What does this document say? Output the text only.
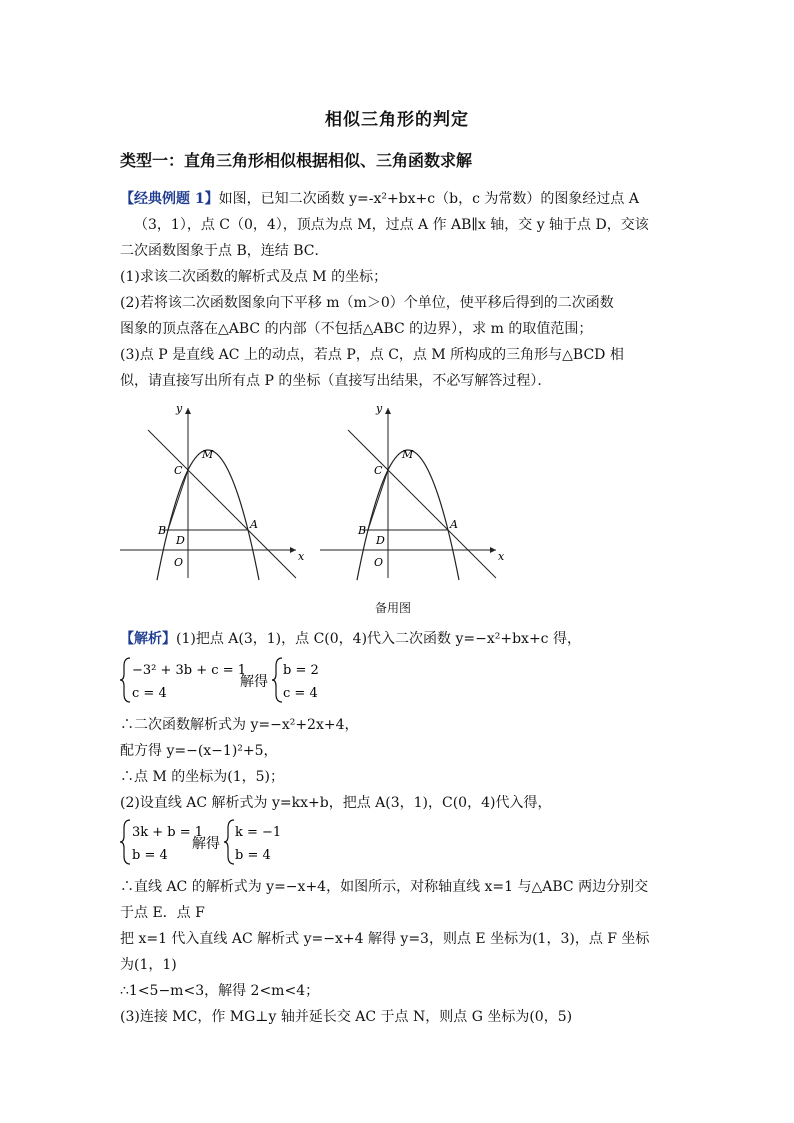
相似三角形的判定
类型一：直角三角形相似根据相似、三角函数求解
【经典例题 1】如图，已知二次函数 y=-x²+bx+c（b，c 为常数）的图象经过点 A
（3，1），点 C（0，4），顶点为点 M，过点 A 作 AB∥x 轴，交 y 轴于点 D，交该
二次函数图象于点 B，连结 BC．
(1)求该二次函数的解析式及点 M 的坐标；
(2)若将该二次函数图象向下平移 m（m＞0）个单位，使平移后得到的二次函数
图象的顶点落在△ABC 的内部（不包括△ABC 的边界），求 m 的取值范围；
(3)点 P 是直线 AC 上的动点，若点 P，点 C，点 M 所构成的三角形与△BCD 相
似，请直接写出所有点 P 的坐标（直接写出结果，不必写解答过程）．
y
x
M
C
B
D
A
O
y
x
M
C
B
D
A
O
备用图
【解析】(1)把点 A(3，1)，点 C(0，4)代入二次函数 y=−x²+bx+c 得，
−3² + 3b + c = 1
c = 4
解得
b = 2
c = 4
∴二次函数解析式为 y=−x²+2x+4，
配方得 y=−(x−1)²+5，
∴点 M 的坐标为(1，5)；
(2)设直线 AC 解析式为 y=kx+b，把点 A(3，1)，C(0，4)代入得，
3k + b = 1
b = 4
解得
k = −1
b = 4
∴直线 AC 的解析式为 y=−x+4，如图所示，对称轴直线 x=1 与△ABC 两边分别交
于点 E．点 F
把 x=1 代入直线 AC 解析式 y=−x+4 解得 y=3，则点 E 坐标为(1，3)，点 F 坐标
为(1，1)
∴1<5−m<3，解得 2<m<4；
(3)连接 MC，作 MG⊥y 轴并延长交 AC 于点 N，则点 G 坐标为(0，5)
